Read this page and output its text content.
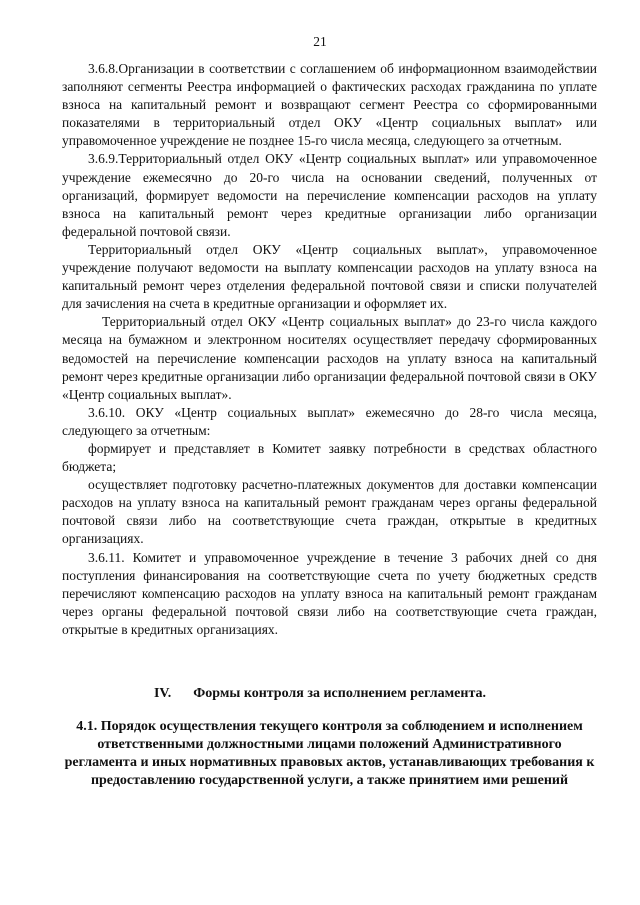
21

3.6.8.Организации в соответствии с соглашением об информационном взаимодействии заполняют сегменты Реестра информацией о фактических расходах гражданина по уплате взноса на капитальный ремонт и возвращают сегмент Реестра со сформированными показателями в территориальный отдел ОКУ «Центр социальных выплат» или управомоченное учреждение не позднее 15-го числа месяца, следующего за отчетным.

3.6.9.Территориальный отдел ОКУ «Центр социальных выплат» или управомоченное учреждение ежемесячно до 20-го числа на основании сведений, полученных от организаций, формирует ведомости на перечисление компенсации расходов на уплату взноса на капитальный ремонт через кредитные организации либо организации федеральной почтовой связи.

Территориальный отдел ОКУ «Центр социальных выплат», управомоченное учреждение получают ведомости на выплату компенсации расходов на уплату взноса на капитальный ремонт через отделения федеральной почтовой связи и списки получателей для зачисления на счета в кредитные организации и оформляет их.

Территориальный отдел ОКУ «Центр социальных выплат» до 23-го числа каждого месяца на бумажном и электронном носителях осуществляет передачу сформированных ведомостей на перечисление компенсации расходов на уплату взноса на капитальный ремонт через кредитные организации либо организации федеральной почтовой связи в ОКУ «Центр социальных выплат».

3.6.10. ОКУ «Центр социальных выплат» ежемесячно до 28-го числа месяца, следующего за отчетным:

формирует и представляет в Комитет заявку потребности в средствах областного бюджета;

осуществляет подготовку расчетно-платежных документов для доставки компенсации расходов на уплату взноса на капитальный ремонт гражданам через органы федеральной почтовой связи либо на соответствующие счета граждан, открытые в кредитных организациях.

3.6.11. Комитет и управомоченное учреждение в течение 3 рабочих дней со дня поступления финансирования на соответствующие счета по учету бюджетных средств перечисляют компенсацию расходов на уплату взноса на капитальный ремонт гражданам через органы федеральной почтовой связи либо на соответствующие счета граждан, открытые в кредитных организациях.

IV. Формы контроля за исполнением регламента.
4.1. Порядок осуществления текущего контроля за соблюдением и исполнением ответственными должностными лицами положений Административного регламента и иных нормативных правовых актов, устанавливающих требования к предоставлению государственной услуги, а также принятием ими решений
